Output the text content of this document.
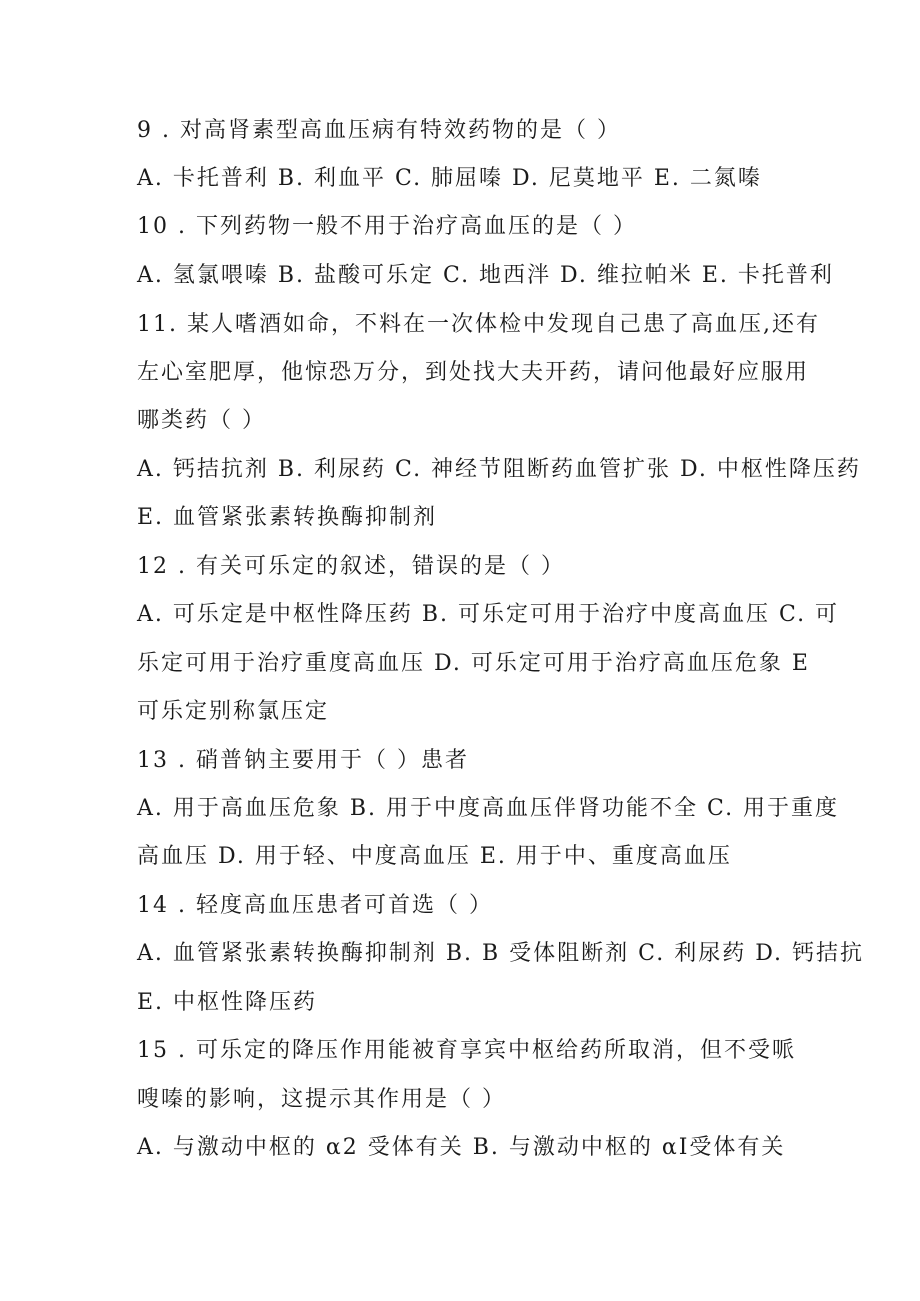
9 . 对高肾素型高血压病有特效药物的是（ ）
A. 卡托普利 B. 利血平 C. 肺屈嗪 D. 尼莫地平 E. 二氮嗪
10 . 下列药物一般不用于治疗高血压的是（ ）
A. 氢氯喂嗪 B. 盐酸可乐定 C. 地西泮 D. 维拉帕米 E. 卡托普利
11. 某人嗜酒如命，不料在一次体检中发现自己患了高血压,还有
左心室肥厚，他惊恐万分，到处找大夫开药，请问他最好应服用
哪类药（ ）
A. 钙拮抗剂 B. 利尿药 C. 神经节阻断药血管扩张 D. 中枢性降压药
E. 血管紧张素转换酶抑制剂
12 . 有关可乐定的叙述，错误的是（ ）
A. 可乐定是中枢性降压药 B. 可乐定可用于治疗中度高血压 C. 可
乐定可用于治疗重度高血压 D. 可乐定可用于治疗高血压危象 E
可乐定别称氯压定
13 . 硝普钠主要用于（ ）患者
A. 用于高血压危象 B. 用于中度高血压伴肾功能不全 C. 用于重度
高血压 D. 用于轻、中度高血压 E. 用于中、重度高血压
14 . 轻度高血压患者可首选（ ）
A. 血管紧张素转换酶抑制剂 B. B 受体阻断剂 C. 利尿药 D. 钙拮抗
E. 中枢性降压药
15 . 可乐定的降压作用能被育享宾中枢给药所取消，但不受哌
嗖嗪的影响，这提示其作用是（ ）
A. 与激动中枢的 α2 受体有关 B. 与激动中枢的 αⅠ受体有关
